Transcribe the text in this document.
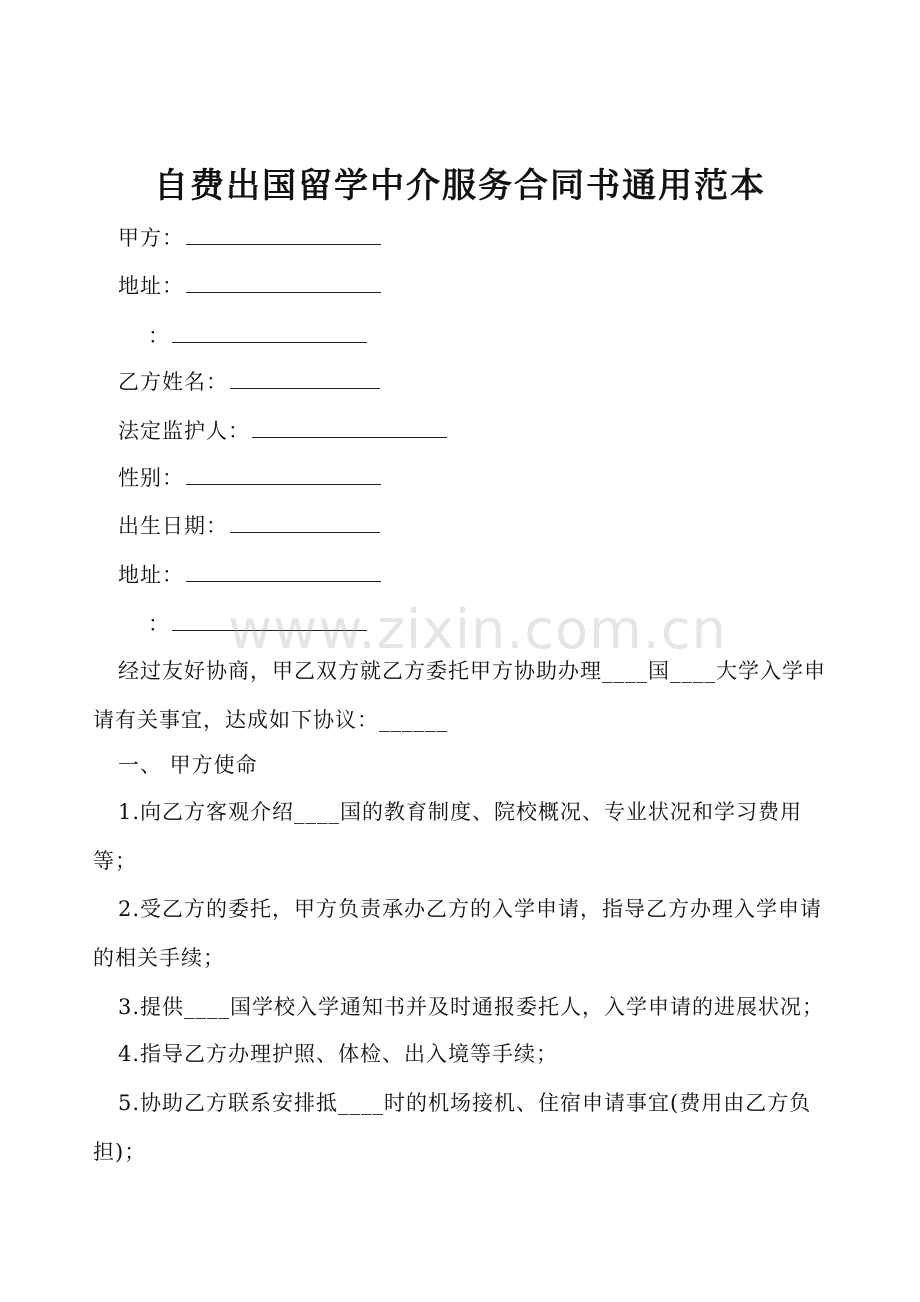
自费出国留学中介服务合同书通用范本
甲方：
地址：
：
乙方姓名：
法定监护人：
性别：
出生日期：
地址：
：
经过友好协商，甲乙双方就乙方委托甲方协助办理____国____大学入学申请有关事宜，达成如下协议：______
一、 甲方使命
1.向乙方客观介绍____国的教育制度、院校概况、专业状况和学习费用等；
2.受乙方的委托，甲方负责承办乙方的入学申请，指导乙方办理入学申请的相关手续；
3.提供____国学校入学通知书并及时通报委托人，入学申请的进展状况；
4.指导乙方办理护照、体检、出入境等手续；
5.协助乙方联系安排抵____时的机场接机、住宿申请事宜(费用由乙方负担)；
www.zixin.com.cn
